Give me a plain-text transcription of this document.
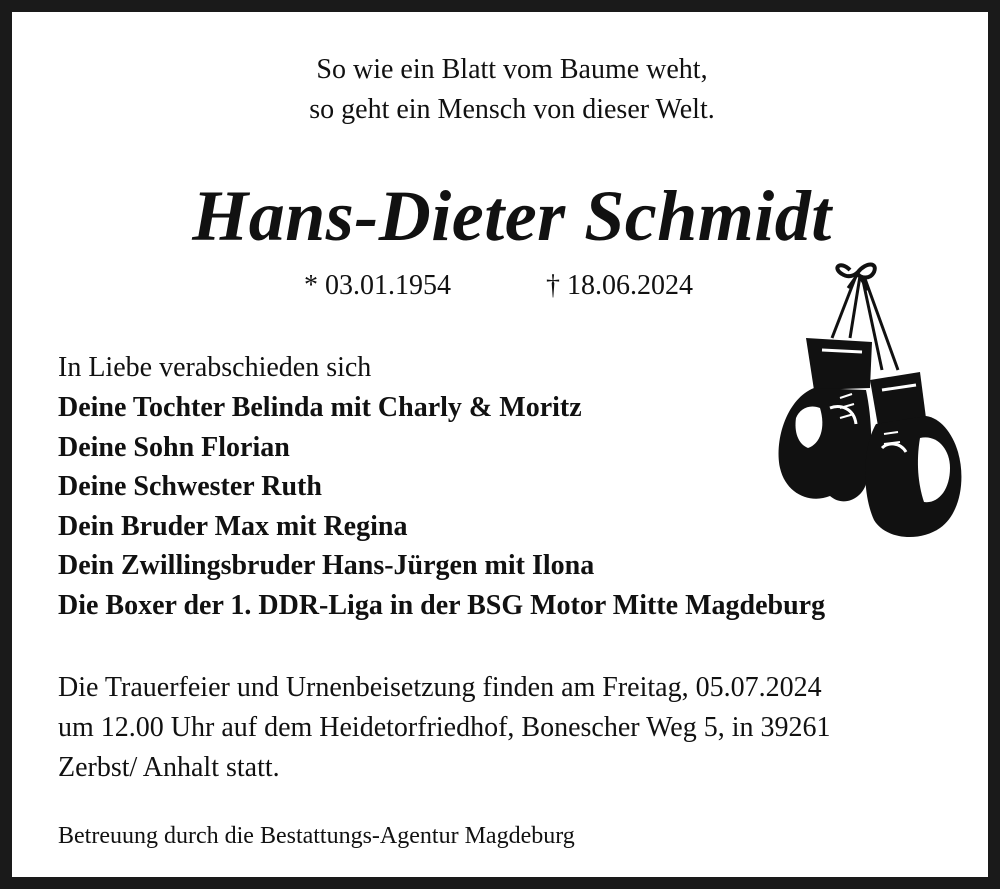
So wie ein Blatt vom Baume weht,
so geht ein Mensch von dieser Welt.
Hans-Dieter Schmidt
* 03.01.1954	† 18.06.2024
In Liebe verabschieden sich
Deine Tochter Belinda mit Charly & Moritz
Deine Sohn Florian
Deine Schwester Ruth
Dein Bruder Max mit Regina
Dein Zwillingsbruder Hans-Jürgen mit Ilona
Die Boxer der 1. DDR-Liga in der BSG Motor Mitte Magdeburg
Die Trauerfeier und Urnenbeisetzung finden am Freitag, 05.07.2024
um 12.00 Uhr auf dem Heidetorfriedhof, Bonescher Weg 5, in 39261
Zerbst/ Anhalt statt.
Betreuung durch die Bestattungs-Agentur Magdeburg
